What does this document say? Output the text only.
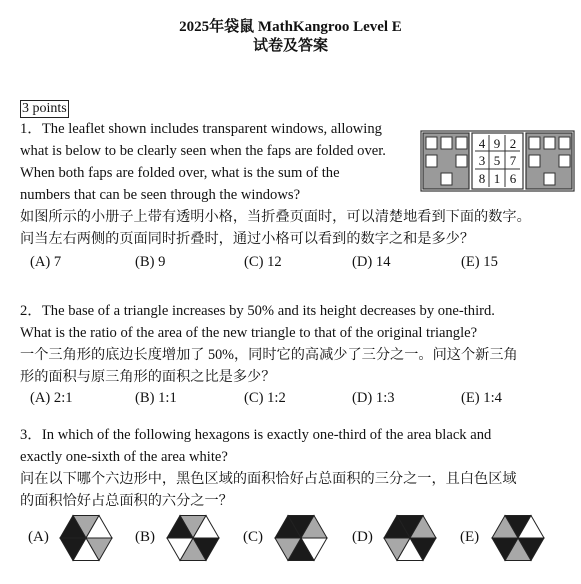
2025年袋鼠 MathKangroo Level E
试卷及答案
3 points
1．The leaflet shown includes transparent windows, allowing
what is below to be clearly seen when the faps are folded over.
When both faps are folded over, what is the sum of the
numbers that can be seen through the windows?
如图所示的小册子上带有透明小格，当折叠页面时，可以清楚地看到下面的数字。
问当左右两侧的页面同时折叠时，通过小格可以看到的数字之和是多少？
(A) 7	(B) 9	(C) 12	(D) 14	(E) 15
4 9 2
3 5 7
8 1 6
2．The base of a triangle increases by 50% and its height decreases by one-third.
What is the ratio of the area of the new triangle to that of the original triangle?
一个三角形的底边长度增加了 50%，同时它的高减少了三分之一。问这个新三角
形的面积与原三角形的面积之比是多少？
(A) 2:1	(B) 1:1	(C) 1:2	(D) 1:3	(E) 1:4
3．In which of the following hexagons is exactly one-third of the area black and
exactly one-sixth of the area white?
问在以下哪个六边形中，黑色区域的面积恰好占总面积的三分之一，且白色区域
的面积恰好占总面积的六分之一？
(A)	(B)	(C)	(D)	(E)
